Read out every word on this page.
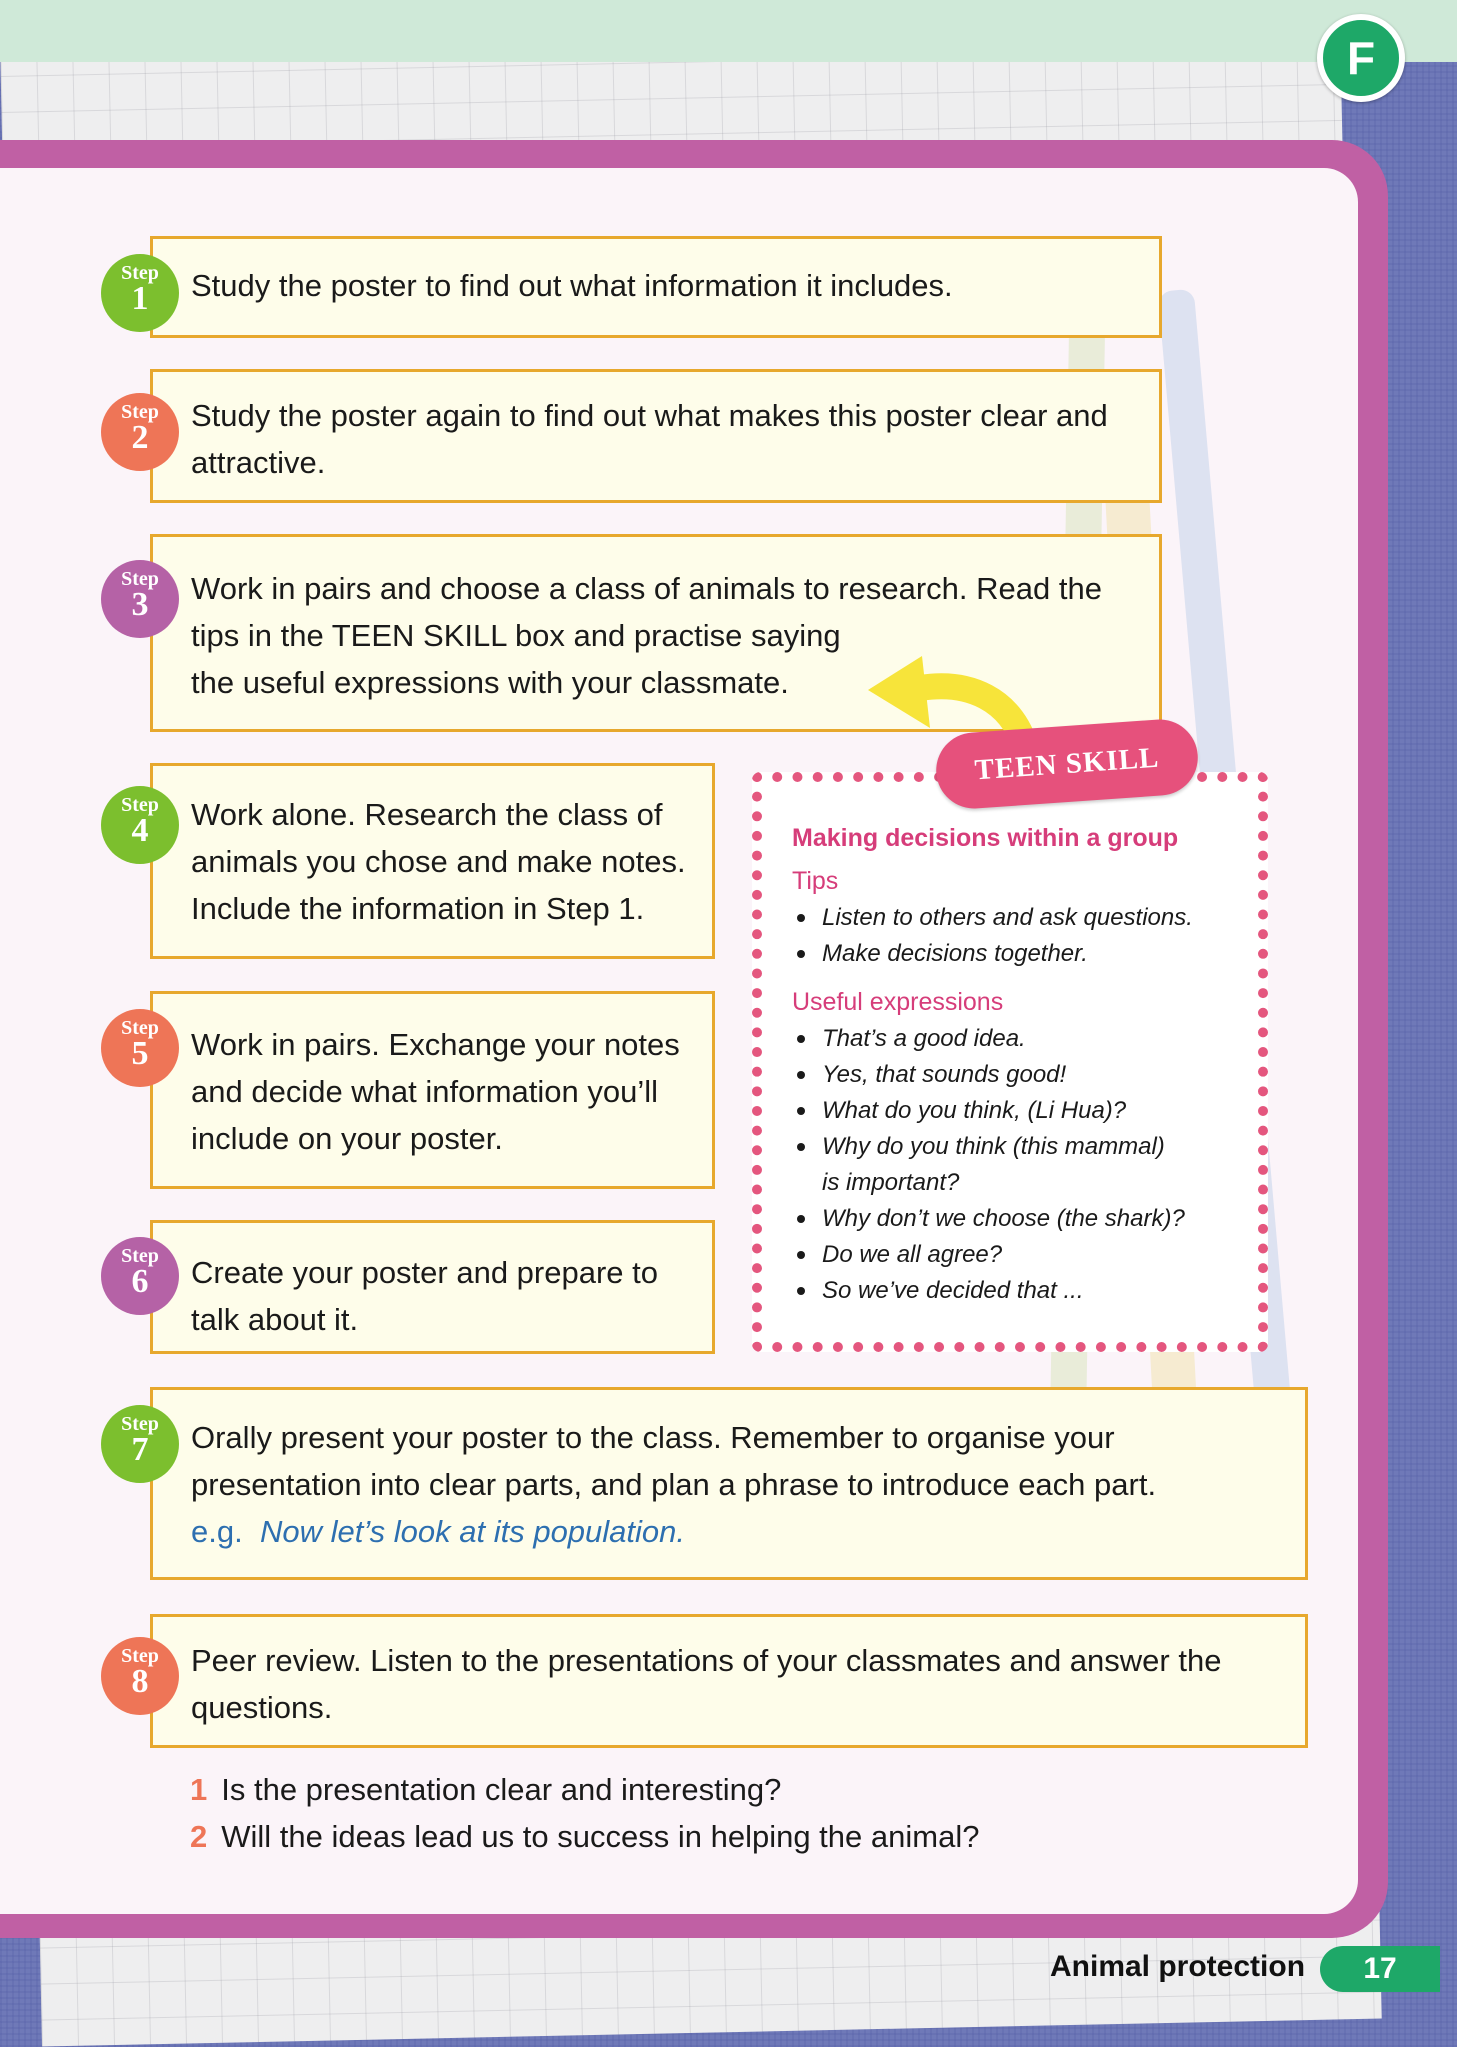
F
Study the poster to find out what information it includes.
Step
1
Study the poster again to find out what makes this poster clear and attractive.
Step
2
Work in pairs and choose a class of animals to research. Read the
tips in the TEEN SKILL box and practise saying
the useful expressions with your classmate.
Step
3
Work alone. Research the class of
animals you chose and make notes.
Include the information in Step 1.
Step
4
Work in pairs. Exchange your notes
and decide what information you’ll
include on your poster.
Step
5
Create your poster and prepare to
talk about it.
Step
6

Making decisions within a group

Tips

Listen to others and ask questions.
Make decisions together.

Useful expressions

That’s a good idea.
Yes, that sounds good!
What do you think, (Li Hua)?
Why do you think (this mammal) is important?
Why don’t we choose (the shark)?
Do we all agree?
So we’ve decided that ...
TEEN SKILL
Orally present your poster to the class. Remember to organise your
presentation into clear parts, and plan a phrase to introduce each part.
e.g. Now let’s look at its population.
Step
7
Peer review. Listen to the presentations of your classmates and answer the
questions.
Step
8
1 Is the presentation clear and interesting?
2 Will the ideas lead us to success in helping the animal?
Animal protection	17
